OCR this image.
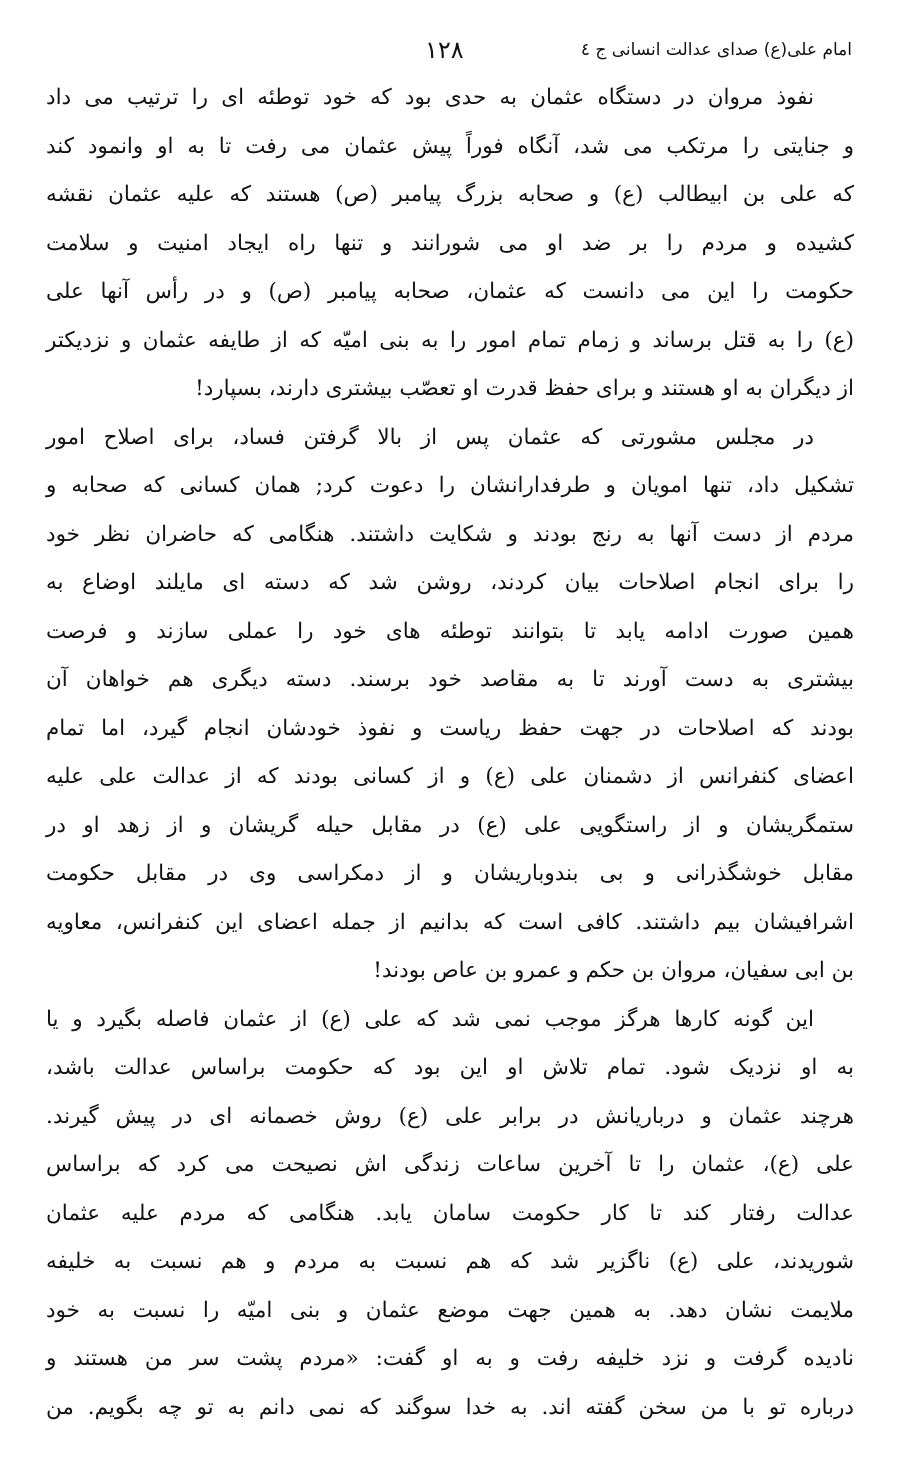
١٢٨	امام علی(ع) صدای عدالت انسانی ج ٤
نفوذ مروان در دستگاه عثمان به حدی بود که خود توطئه ای را ترتیب می داد
و جنایتی را مرتکب می شد، آنگاه فوراً پیش عثمان می رفت تا به او وانمود کند
که علی بن ابیطالب (ع) و صحابه بزرگ پیامبر (ص) هستند که علیه عثمان نقشه
کشیده و مردم را بر ضد او می شورانند و تنها راه ایجاد امنیت و سلامت
حکومت را این می دانست که عثمان، صحابه پیامبر (ص) و در رأس آنها علی
(ع) را به قتل برساند و زمام تمام امور را به بنی امیّه که از طایفه عثمان و نزدیکتر
از دیگران به او هستند و برای حفظ قدرت او تعصّب بیشتری دارند، بسپارد!
در مجلس مشورتی که عثمان پس از بالا گرفتن فساد، برای اصلاح امور
تشکیل داد، تنها امویان و طرفدارانشان را دعوت کرد; همان کسانی که صحابه و
مردم از دست آنها به رنج بودند و شکایت داشتند. هنگامی که حاضران نظر خود
را برای انجام اصلاحات بیان کردند، روشن شد که دسته ای مایلند اوضاع به
همین صورت ادامه یابد تا بتوانند توطئه های خود را عملی سازند و فرصت
بیشتری به دست آورند تا به مقاصد خود برسند. دسته دیگری هم خواهان آن
بودند که اصلاحات در جهت حفظ ریاست و نفوذ خودشان انجام گیرد، اما تمام
اعضای کنفرانس از دشمنان علی (ع) و از کسانی بودند که از عدالت علی علیه
ستمگریشان و از راستگویی علی (ع) در مقابل حیله گریشان و از زهد او در
مقابل خوشگذرانی و بی بندوباریشان و از دمکراسی وی در مقابل حکومت
اشرافیشان بیم داشتند. کافی است که بدانیم از جمله اعضای این کنفرانس، معاویه
بن ابی سفیان، مروان بن حکم و عمرو بن عاص بودند!
این گونه کارها هرگز موجب نمی شد که علی (ع) از عثمان فاصله بگیرد و یا
به او نزدیک شود. تمام تلاش او این بود که حکومت براساس عدالت باشد،
هرچند عثمان و درباریانش در برابر علی (ع) روش خصمانه ای در پیش گیرند.
علی (ع)، عثمان را تا آخرین ساعات زندگی اش نصیحت می کرد که براساس
عدالت رفتار کند تا کار حکومت سامان یابد. هنگامی که مردم علیه عثمان
شوریدند، علی (ع) ناگزیر شد که هم نسبت به مردم و هم نسبت به خلیفه
ملایمت نشان دهد. به همین جهت موضع عثمان و بنی امیّه را نسبت به خود
نادیده گرفت و نزد خلیفه رفت و به او گفت: «مردم پشت سر من هستند و
درباره تو با من سخن گفته اند. به خدا سوگند که نمی دانم به تو چه بگویم. من
